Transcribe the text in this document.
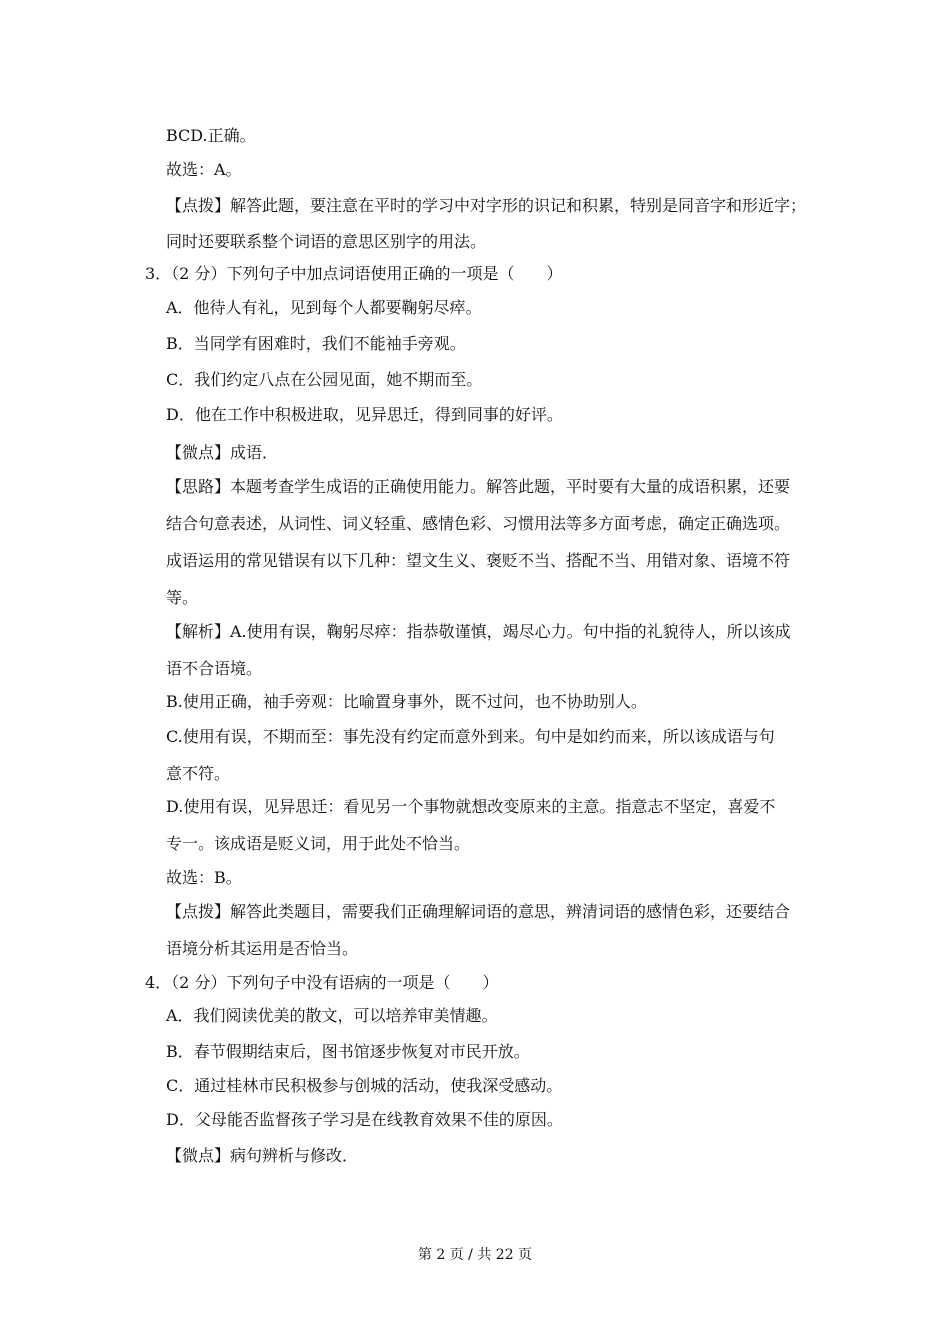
BCD.正确。
故选：A。
【点拨】解答此题，要注意在平时的学习中对字形的识记和积累，特别是同音字和形近字；
同时还要联系整个词语的意思区别字的用法。
3．（2 分）下列句子中加点词语使用正确的一项是（　　）
A．他待人有礼，见到每个人都要鞠躬尽瘁。
B．当同学有困难时，我们不能袖手旁观。
C．我们约定八点在公园见面，她不期而至。
D．他在工作中积极进取，见异思迁，得到同事的好评。
【微点】成语．
【思路】本题考查学生成语的正确使用能力。解答此题，平时要有大量的成语积累，还要
结合句意表述，从词性、词义轻重、感情色彩、习惯用法等多方面考虑，确定正确选项。
成语运用的常见错误有以下几种：望文生义、褒贬不当、搭配不当、用错对象、语境不符
等。
【解析】A.使用有误，鞠躬尽瘁：指恭敬谨慎，竭尽心力。句中指的礼貌待人，所以该成
语不合语境。
B.使用正确，袖手旁观：比喻置身事外，既不过问，也不协助别人。
C.使用有误，不期而至：事先没有约定而意外到来。句中是如约而来，所以该成语与句
意不符。
D.使用有误，见异思迁：看见另一个事物就想改变原来的主意。指意志不坚定，喜爱不
专一。该成语是贬义词，用于此处不恰当。
故选：B。
【点拨】解答此类题目，需要我们正确理解词语的意思，辨清词语的感情色彩，还要结合
语境分析其运用是否恰当。
4．（2 分）下列句子中没有语病的一项是（　　）
A．我们阅读优美的散文，可以培养审美情趣。
B．春节假期结束后，图书馆逐步恢复对市民开放。
C．通过桂林市民积极参与创城的活动，使我深受感动。
D．父母能否监督孩子学习是在线教育效果不佳的原因。
【微点】病句辨析与修改．
第 2 页 / 共 22 页
